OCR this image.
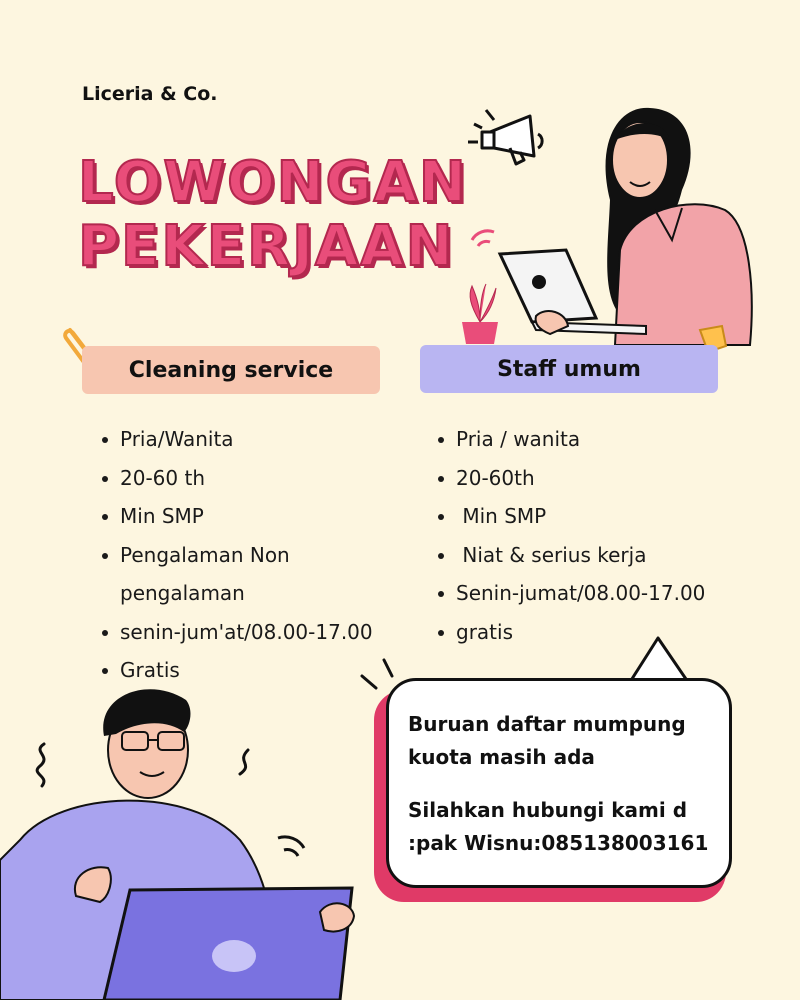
Liceria & Co.
LOWONGAN
PEKERJAAN
Cleaning service	Staff umum
Pria/Wanita
20-60 th
Min SMP
Pengalaman Non pengalaman
senin-jum'at/08.00-17.00
Gratis
Pria / wanita
20-60th
Min SMP
Niat & serius kerja
Senin-jumat/08.00-17.00
gratis

Buruan daftar mumpung kuota masih ada

Silahkan hubungi kami d :pak Wisnu:085138003161
